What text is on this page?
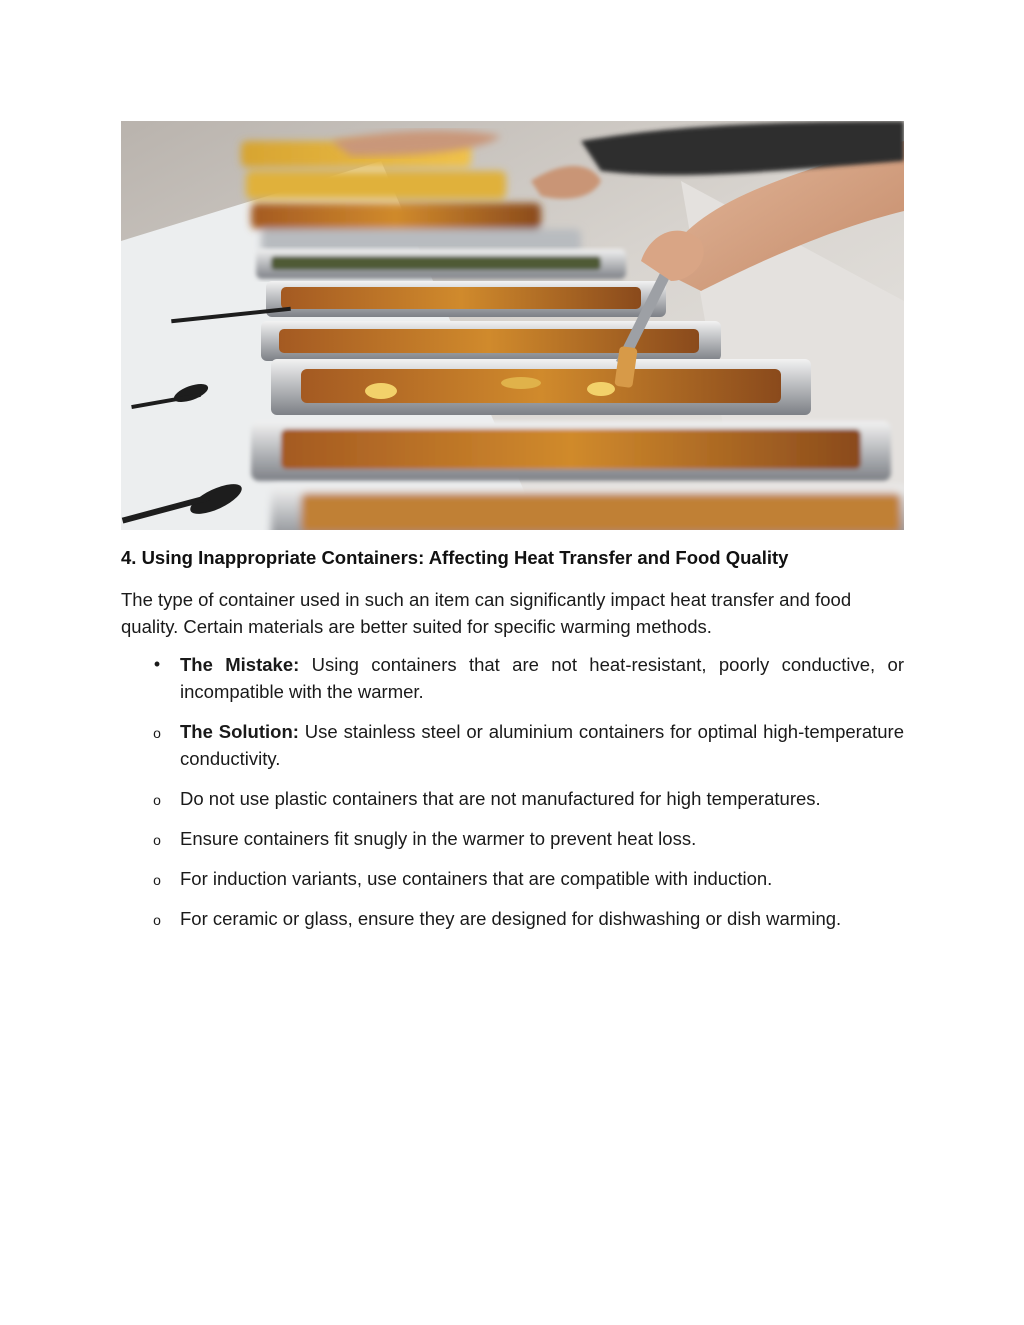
4. Using Inappropriate Containers: Affecting Heat Transfer and Food Quality

The type of container used in such an item can significantly impact heat transfer and food quality. Certain materials are better suited for specific warming methods.

• The Mistake: Using containers that are not heat-resistant, poorly conductive, or incompatible with the warmer.
o The Solution: Use stainless steel or aluminium containers for optimal high-temperature conductivity.
o Do not use plastic containers that are not manufactured for high temperatures.
o Ensure containers fit snugly in the warmer to prevent heat loss.
o For induction variants, use containers that are compatible with induction.
o For ceramic or glass, ensure they are designed for dishwashing or dish warming.
